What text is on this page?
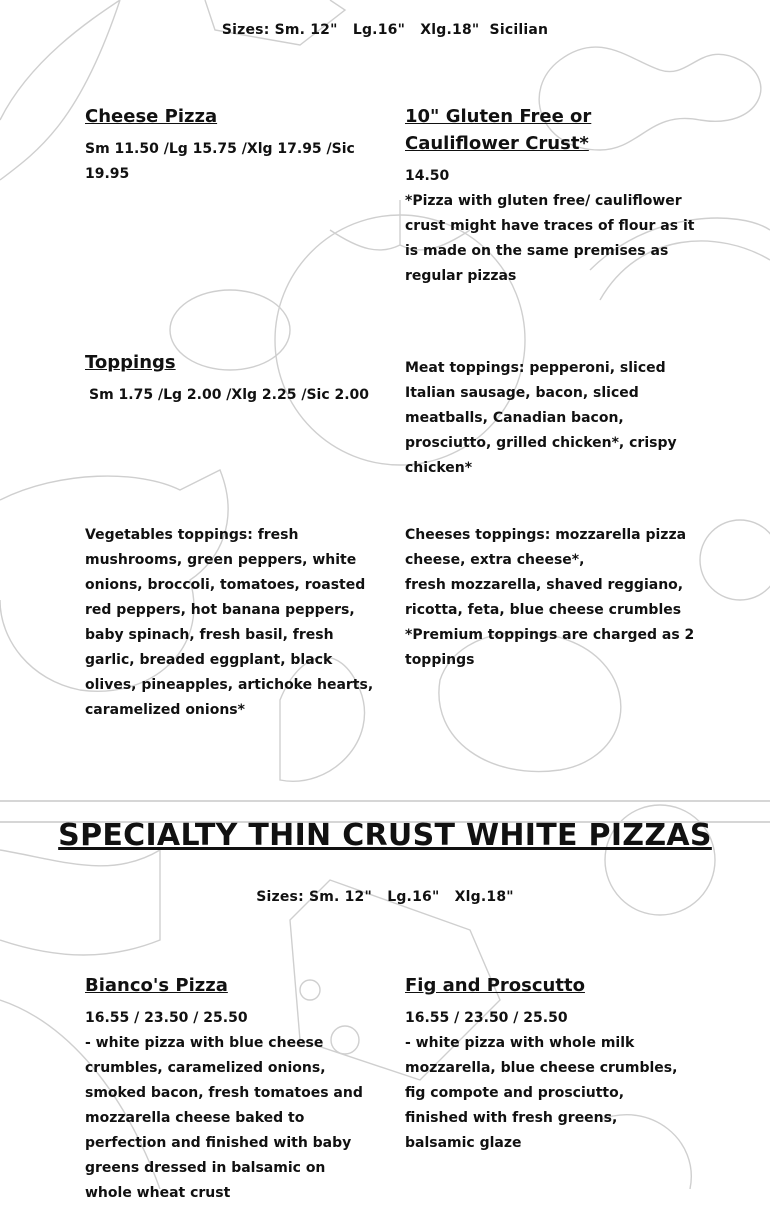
Sizes: Sm. 12"   Lg.16"   Xlg.18"  Sicilian
Cheese Pizza
Sm 11.50 /Lg 15.75 /Xlg 17.95 /Sic 19.95
10" Gluten Free or Cauliflower Crust*
14.50
*Pizza with gluten free/ cauliflower crust might have traces of flour as it is made on the same premises as regular pizzas
Toppings
Sm 1.75 /Lg 2.00 /Xlg 2.25 /Sic 2.00
Meat toppings: pepperoni, sliced Italian sausage, bacon, sliced meatballs, Canadian bacon, prosciutto, grilled chicken*, crispy chicken*
Vegetables toppings: fresh mushrooms, green peppers, white onions, broccoli, tomatoes, roasted red peppers, hot banana peppers, baby spinach, fresh basil, fresh garlic, breaded eggplant, black olives, pineapples, artichoke hearts, caramelized onions*
Cheeses toppings: mozzarella pizza cheese, extra cheese*,
fresh mozzarella, shaved reggiano, ricotta, feta, blue cheese crumbles
*Premium toppings are charged as 2 toppings
SPECIALTY THIN CRUST WHITE PIZZAS
Sizes: Sm. 12"   Lg.16"   Xlg.18"
Bianco's Pizza
16.55 / 23.50 / 25.50
- white pizza with blue cheese crumbles, caramelized onions, smoked bacon, fresh tomatoes and mozzarella cheese baked to perfection and finished with baby greens dressed in balsamic on whole wheat crust
Fig and Proscutto
16.55 / 23.50 / 25.50
- white pizza with whole milk mozzarella, blue cheese crumbles, fig compote and prosciutto, finished with fresh greens, balsamic glaze
